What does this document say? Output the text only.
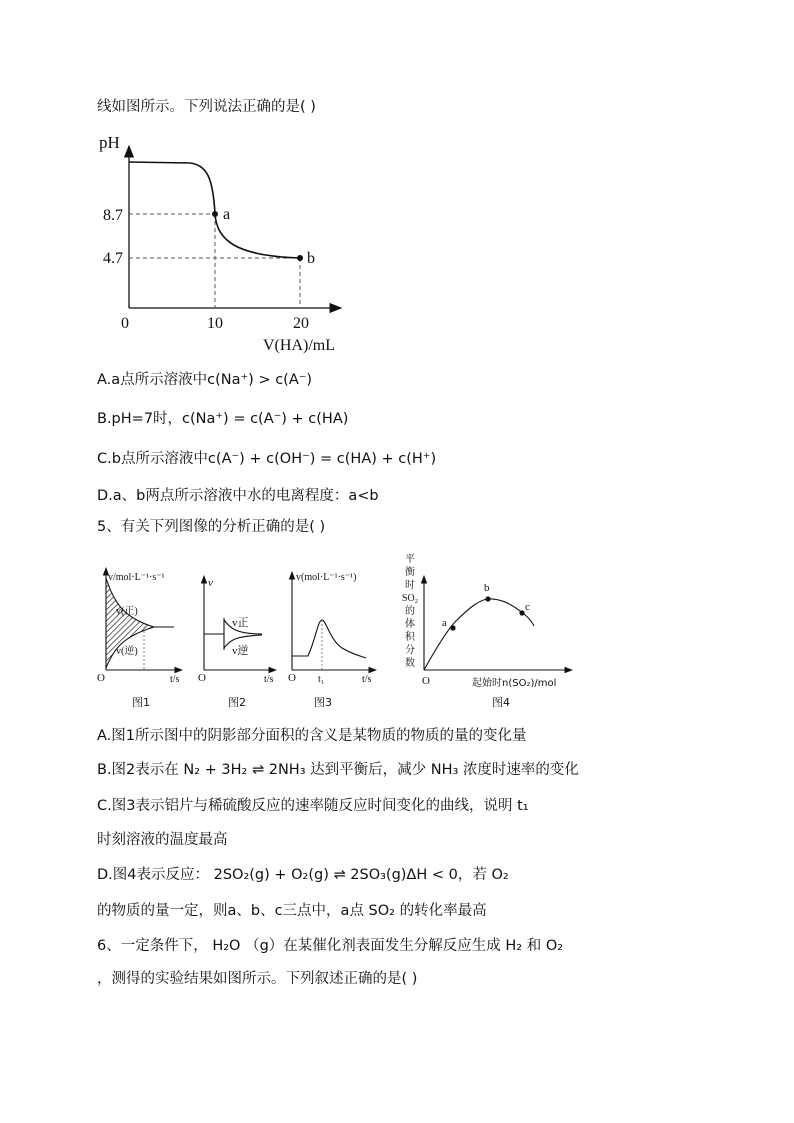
线如图所示。下列说法正确的是( )
pH
V(HA)/mL
8.7
4.7
0	10	20
a
b
A.a点所示溶液中c(Na⁺) > c(A⁻)
B.pH=7时，c(Na⁺) = c(A⁻) + c(HA)
C.b点所示溶液中c(A⁻) + c(OH⁻) = c(HA) + c(H⁺)
D.a、b两点所示溶液中水的电离程度：a<b
5、有关下列图像的分析正确的是( )
v/mol·L⁻¹·s⁻¹
v(正)
v(逆)
O	t/s
图1
v
v正
v逆
O	t/s
图2
v(mol·L⁻¹·s⁻¹)
t₁
O	t/s
图3
a
b
c
平
衡
时
SO₂
的
体
积
分
数
O	起始时n(SO₂)/mol
图4
A.图1所示图中的阴影部分面积的含义是某物质的物质的量的变化量
B.图2表示在 N₂ + 3H₂ ⇌ 2NH₃ 达到平衡后，减少 NH₃ 浓度时速率的变化
C.图3表示铝片与稀硫酸反应的速率随反应时间变化的曲线，说明 t₁
时刻溶液的温度最高
D.图4表示反应： 2SO₂(g) + O₂(g) ⇌ 2SO₃(g)ΔH < 0，若 O₂
的物质的量一定，则a、b、c三点中，a点 SO₂ 的转化率最高
6、一定条件下， H₂O （g）在某催化剂表面发生分解反应生成 H₂ 和 O₂
，测得的实验结果如图所示。下列叙述正确的是( )
